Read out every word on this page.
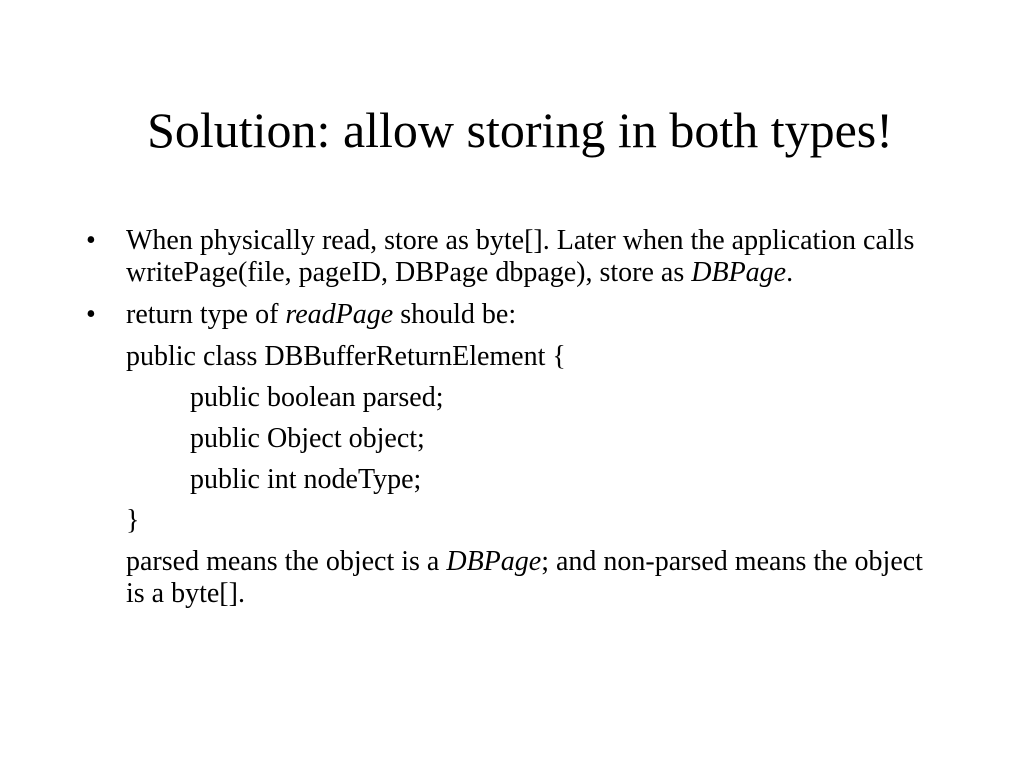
Solution: allow storing in both types!
•	When physically read, store as byte[]. Later when the application calls writePage(file, pageID, DBPage dbpage), store as DBPage.
•	return type of readPage should be:
public class DBBufferReturnElement {
public boolean parsed;
public Object object;
public int nodeType;
}
parsed means the object is a DBPage; and non-parsed means the object is a byte[].
